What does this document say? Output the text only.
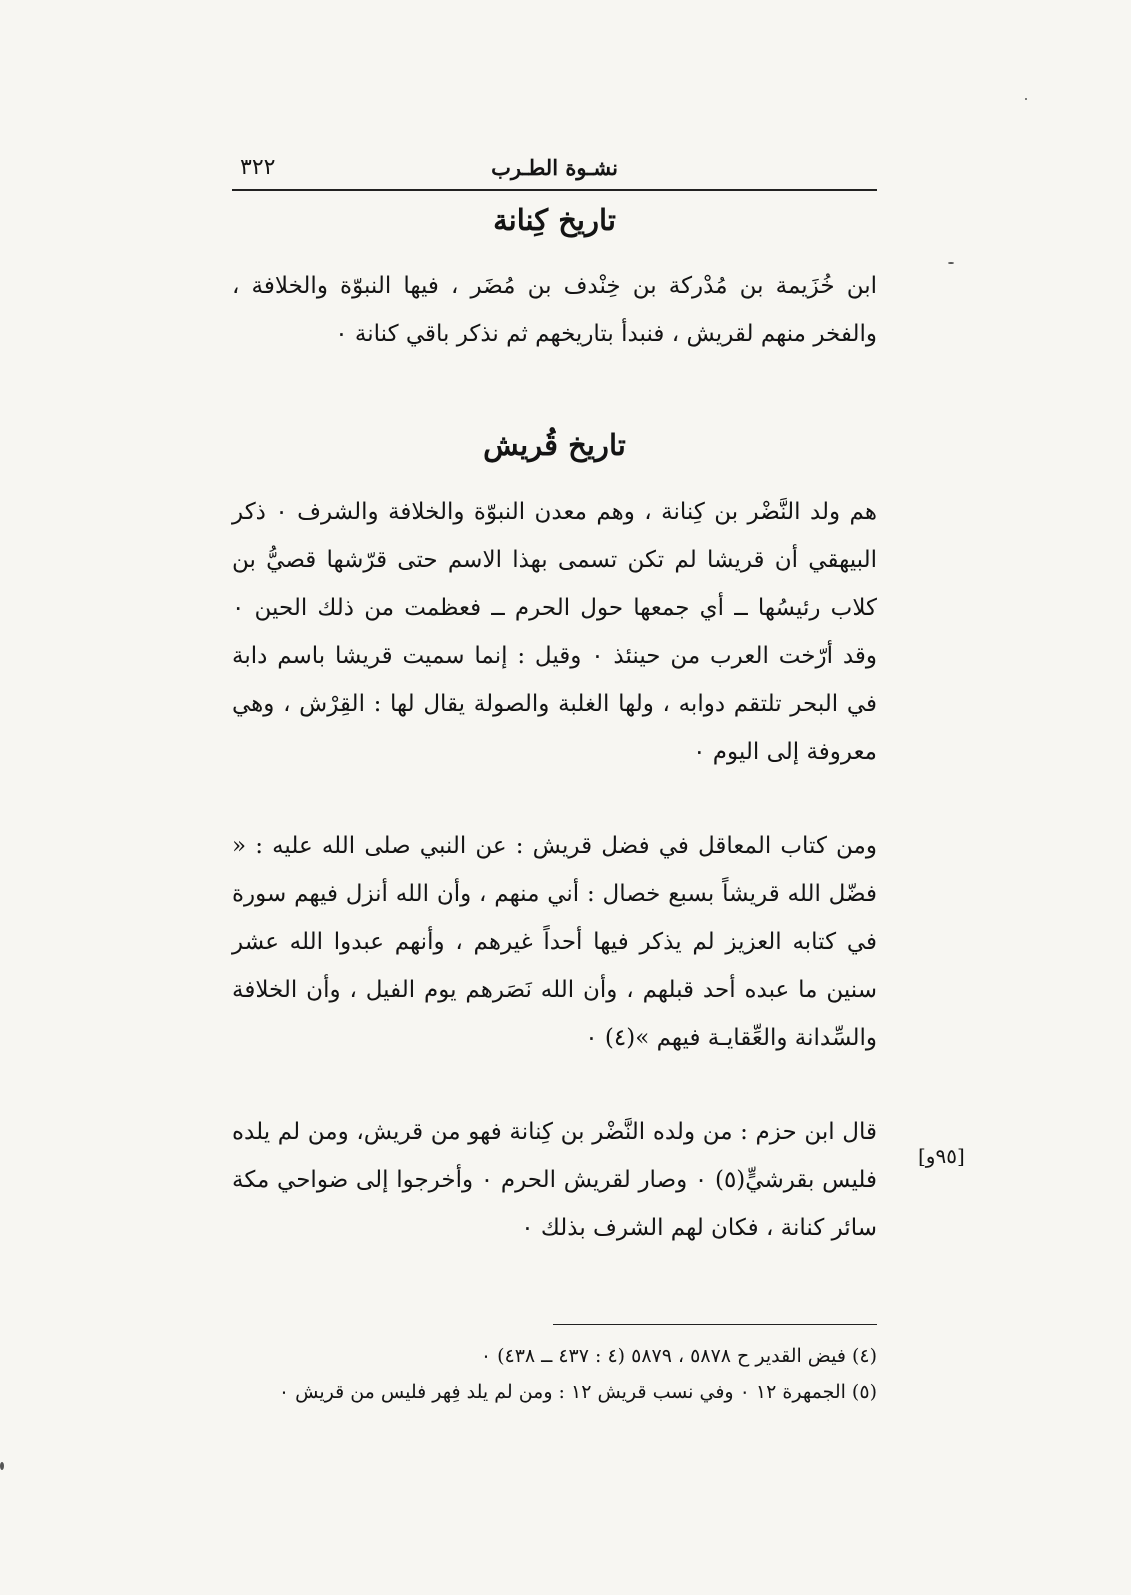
نشـوة الطـرب
٣٢٢
تاريخ كِنانة
ابن خُزَيمة بن مُدْركة بن خِنْدف بن مُضَر ، فيها النبوّة والخلافة ، والفخر منهم لقريش ، فنبدأ بتاريخهم ثم نذكر باقي كنانة ٠
تاريخ قُريش
هم ولد النَّضْر بن كِنانة ، وهم معدن النبوّة والخلافة والشرف ٠ ذكر البيهقي أن قريشا لم تكن تسمى بهذا الاسم حتى قرّشها قصيُّ بن كلاب رئيسُها ــ أي جمعها حول الحرم ــ فعظمت من ذلك الحين ٠ وقد أرّخت العرب من حينئذ ٠ وقيل : إنما سميت قريشا باسم دابة في البحر تلتقم دوابه ، ولها الغلبة والصولة يقال لها : القِرْش ، وهي معروفة إلى اليوم ٠
ومن كتاب المعاقل في فضل قريش : عن النبي صلى الله عليه : « فضّل الله قريشاً بسبع خصال : أني منهم ، وأن الله أنزل فيهم سورة في كتابه العزيز لم يذكر فيها أحداً غيرهم ، وأنهم عبدوا الله عشر سنين ما عبده أحد قبلهم ، وأن الله نَصَرهم يوم الفيل ، وأن الخلافة والسِّدانة والعِّقايـة فيهم »(٤) ٠
قال ابن حزم : من ولده النَّضْر بن كِنانة فهو من قريش، ومن لم يلده فليس بقرشيٍّ(٥) ٠ وصار لقريش الحرم ٠ وأخرجوا إلى ضواحي مكة سائر كنانة ، فكان لهم الشرف بذلك ٠
[٩٥و]

(٤) فيض القدير ح ٥٨٧٨ ، ٥٨٧٩ (٤ : ٤٣٧ ــ ٤٣٨) ٠

(٥) الجمهرة ١٢ ٠ وفي نسب قريش ١٢ : ومن لم يلد فِهر فليس من قريش ٠
